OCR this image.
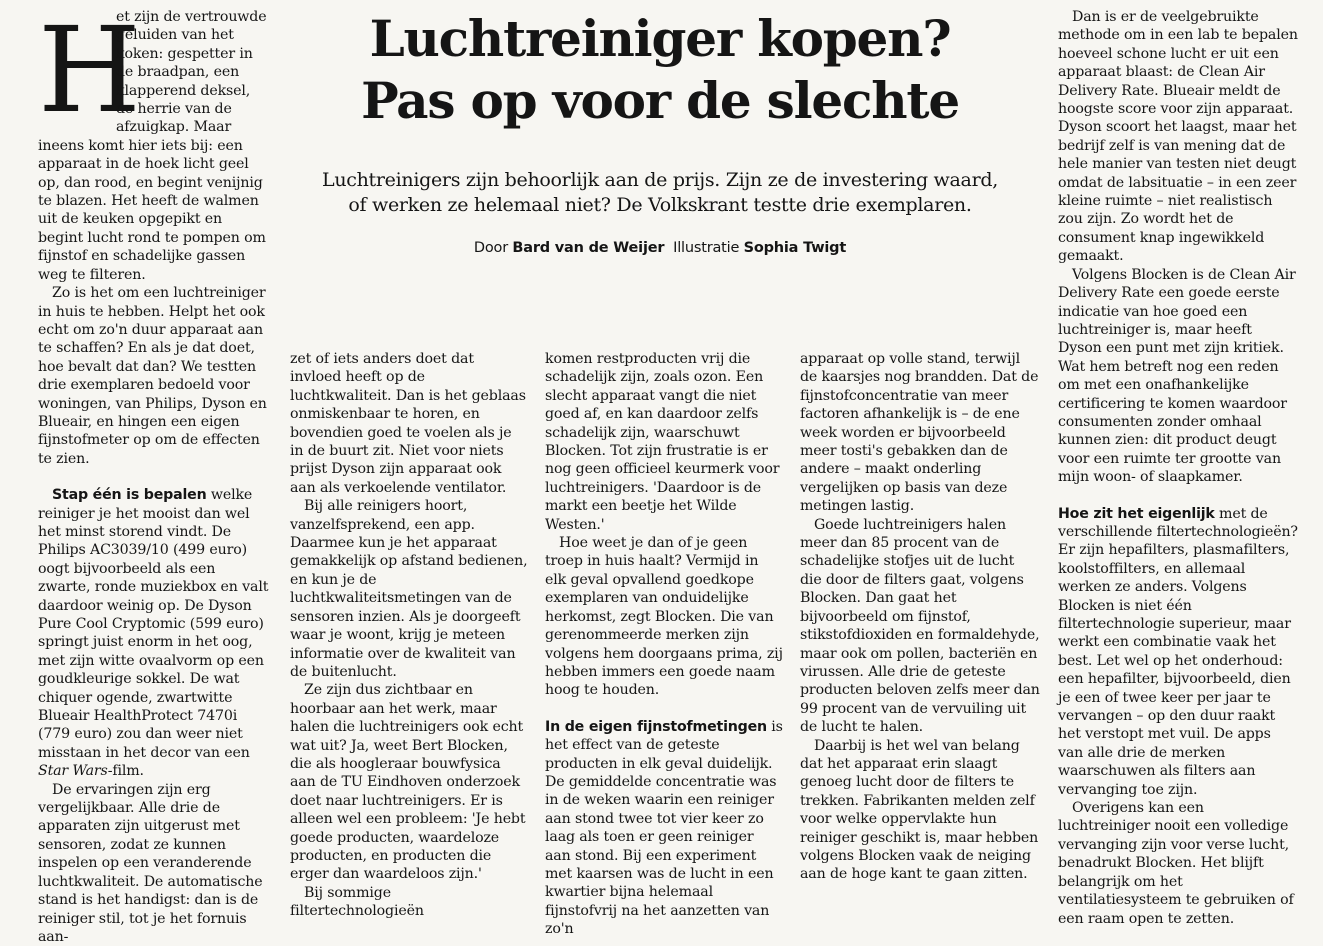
H

et zijn de vertrouwde geluiden van het koken: gespetter in de braadpan, een klapperend deksel, de herrie van de afzuigkap. Maar ineens komt hier iets bij: een apparaat in de hoek licht geel op, dan rood, en begint venijnig te blazen. Het heeft de walmen uit de keuken opgepikt en begint lucht rond te pompen om fijnstof en schadelijke gassen weg te filteren.

Zo is het om een luchtreiniger in huis te hebben. Helpt het ook echt om zo'n duur apparaat aan te schaffen? En als je dat doet, hoe bevalt dat dan? We testten drie exemplaren bedoeld voor woningen, van Philips, Dyson en Blueair, en hingen een eigen fijnstofmeter op om de effecten te zien.

Stap één is bepalen welke reiniger je het mooist dan wel het minst storend vindt. De Philips AC3039/10 (499 euro) oogt bijvoorbeeld als een zwarte, ronde muziekbox en valt daardoor weinig op. De Dyson Pure Cool Cryptomic (599 euro) springt juist enorm in het oog, met zijn witte ovaalvorm op een goudkleurige sokkel. De wat chiquer ogende, zwartwitte Blueair HealthProtect 7470i (779 euro) zou dan weer niet misstaan in het decor van een Star Wars-film.

De ervaringen zijn erg vergelijkbaar. Alle drie de apparaten zijn uitgerust met sensoren, zodat ze kunnen inspelen op een veranderende luchtkwaliteit. De automatische stand is het handigst: dan is de reiniger stil, tot je het fornuis aan-

Luchtreiniger kopen?
Pas op voor de slechte
Luchtreinigers zijn behoorlijk aan de prijs. Zijn ze de investering waard,
of werken ze helemaal niet? De Volkskrant testte drie exemplaren.
Door Bard van de Weijer Illustratie Sophia Twigt

zet of iets anders doet dat invloed heeft op de luchtkwaliteit. Dan is het geblaas onmiskenbaar te horen, en bovendien goed te voelen als je in de buurt zit. Niet voor niets prijst Dyson zijn apparaat ook aan als verkoelende ventilator.

Bij alle reinigers hoort, vanzelfsprekend, een app. Daarmee kun je het apparaat gemakkelijk op afstand bedienen, en kun je de luchtkwaliteitsmetingen van de sensoren inzien. Als je doorgeeft waar je woont, krijg je meteen informatie over de kwaliteit van de buitenlucht.

Ze zijn dus zichtbaar en hoorbaar aan het werk, maar halen die luchtreinigers ook echt wat uit? Ja, weet Bert Blocken, die als hoogleraar bouwfysica aan de TU Eindhoven onderzoek doet naar luchtreinigers. Er is alleen wel een probleem: 'Je hebt goede producten, waardeloze producten, en producten die erger dan waardeloos zijn.'

Bij sommige filtertechnologieën

komen restproducten vrij die schadelijk zijn, zoals ozon. Een slecht apparaat vangt die niet goed af, en kan daardoor zelfs schadelijk zijn, waarschuwt Blocken. Tot zijn frustratie is er nog geen officieel keurmerk voor luchtreinigers. 'Daardoor is de markt een beetje het Wilde Westen.'

Hoe weet je dan of je geen troep in huis haalt? Vermijd in elk geval opvallend goedkope exemplaren van onduidelijke herkomst, zegt Blocken. Die van gerenommeerde merken zijn volgens hem doorgaans prima, zij hebben immers een goede naam hoog te houden.

In de eigen fijnstofmetingen is het effect van de geteste producten in elk geval duidelijk. De gemiddelde concentratie was in de weken waarin een reiniger aan stond twee tot vier keer zo laag als toen er geen reiniger aan stond. Bij een experiment met kaarsen was de lucht in een kwartier bijna helemaal fijnstofvrij na het aanzetten van zo'n

apparaat op volle stand, terwijl de kaarsjes nog brandden. Dat de fijnstofconcentratie van meer factoren afhankelijk is – de ene week worden er bijvoorbeeld meer tosti's gebakken dan de andere – maakt onderling vergelijken op basis van deze metingen lastig.

Goede luchtreinigers halen meer dan 85 procent van de schadelijke stofjes uit de lucht die door de filters gaat, volgens Blocken. Dan gaat het bijvoorbeeld om fijnstof, stikstofdioxiden en formaldehyde, maar ook om pollen, bacteriën en virussen. Alle drie de geteste producten beloven zelfs meer dan 99 procent van de vervuiling uit de lucht te halen.

Daarbij is het wel van belang dat het apparaat erin slaagt genoeg lucht door de filters te trekken. Fabrikanten melden zelf voor welke oppervlakte hun reiniger geschikt is, maar hebben volgens Blocken vaak de neiging aan de hoge kant te gaan zitten.

Dan is er de veelgebruikte methode om in een lab te bepalen hoeveel schone lucht er uit een apparaat blaast: de Clean Air Delivery Rate. Blueair meldt de hoogste score voor zijn apparaat. Dyson scoort het laagst, maar het bedrijf zelf is van mening dat de hele manier van testen niet deugt omdat de labsituatie – in een zeer kleine ruimte – niet realistisch zou zijn. Zo wordt het de consument knap ingewikkeld gemaakt.

Volgens Blocken is de Clean Air Delivery Rate een goede eerste indicatie van hoe goed een luchtreiniger is, maar heeft Dyson een punt met zijn kritiek. Wat hem betreft nog een reden om met een onafhankelijke certificering te komen waardoor consumenten zonder omhaal kunnen zien: dit product deugt voor een ruimte ter grootte van mijn woon- of slaapkamer.

Hoe zit het eigenlijk met de verschillende filtertechnologieën? Er zijn hepafilters, plasmafilters, koolstoffilters, en allemaal werken ze anders. Volgens Blocken is niet één filtertechnologie superieur, maar werkt een combinatie vaak het best. Let wel op het onderhoud: een hepafilter, bijvoorbeeld, dien je een of twee keer per jaar te vervangen – op den duur raakt het verstopt met vuil. De apps van alle drie de merken waarschuwen als filters aan vervanging toe zijn.

Overigens kan een luchtreiniger nooit een volledige vervanging zijn voor verse lucht, benadrukt Blocken. Het blijft belangrijk om het ventilatiesysteem te gebruiken of een raam open te zetten.
